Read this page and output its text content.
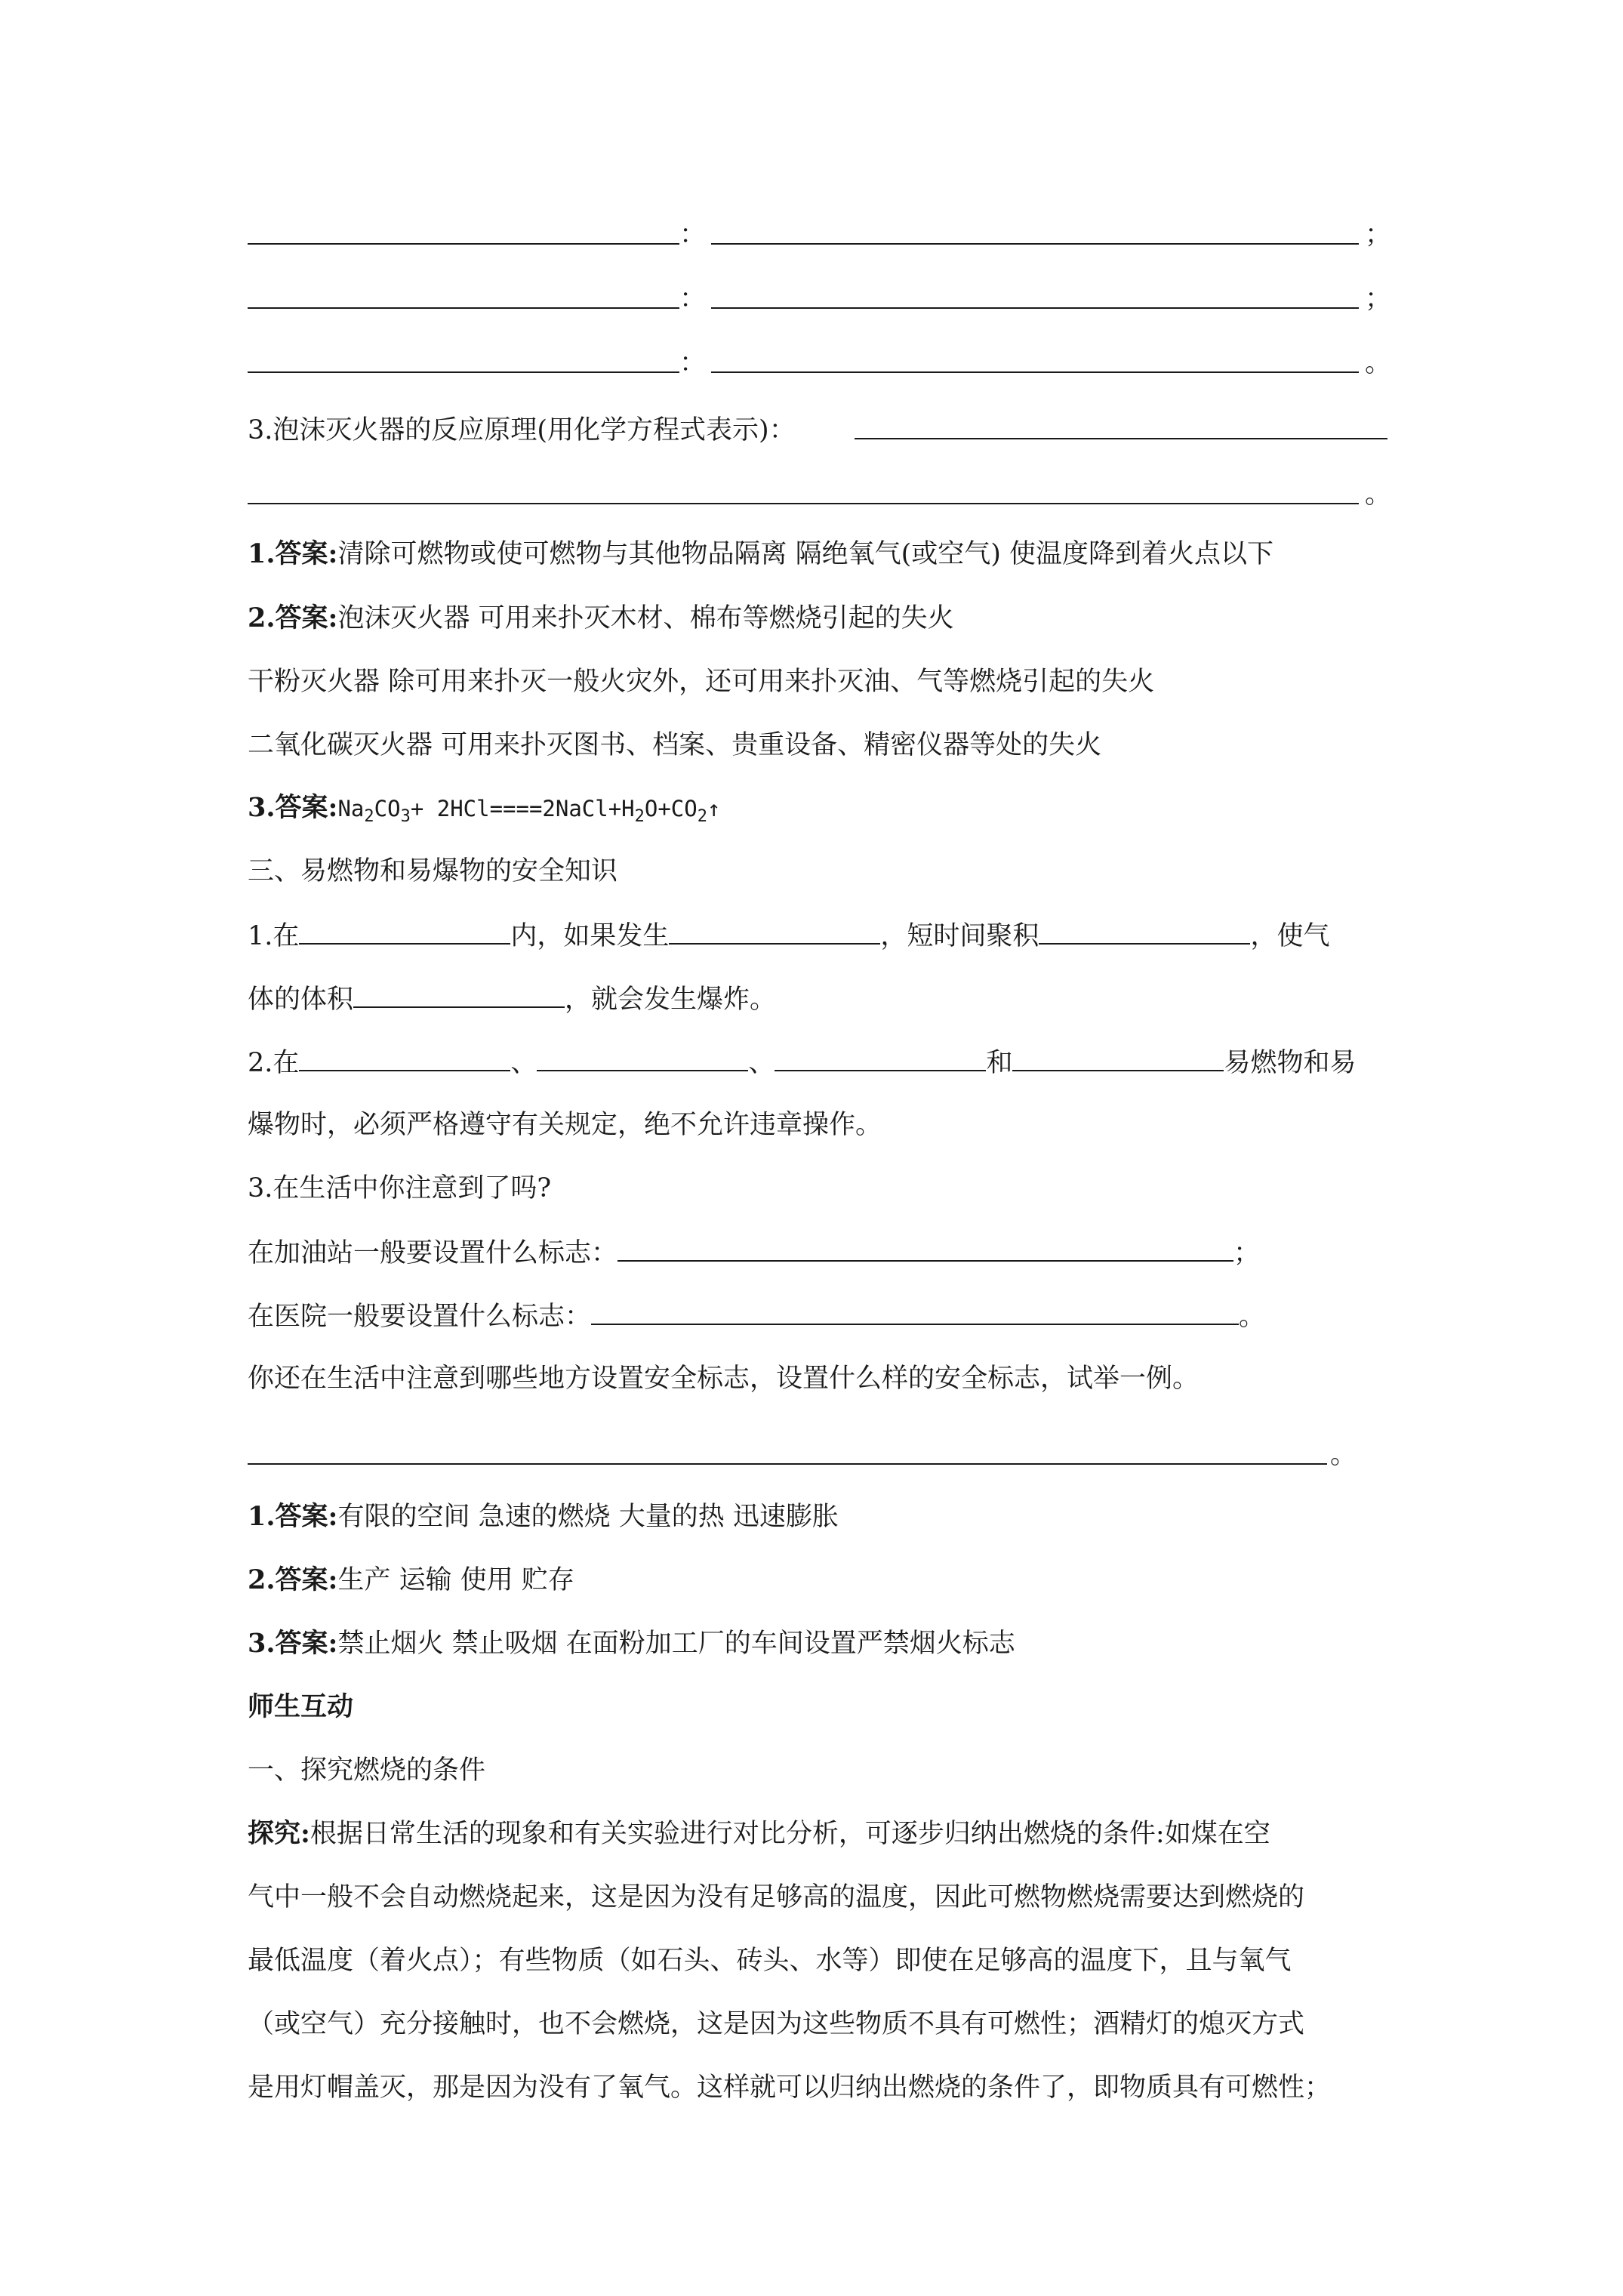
：	；
：	；
：	。
3.泡沫灭火器的反应原理(用化学方程式表示)：
。
1.答案:清除可燃物或使可燃物与其他物品隔离 隔绝氧气(或空气) 使温度降到着火点以下
2.答案:泡沫灭火器 可用来扑灭木材、棉布等燃烧引起的失火
干粉灭火器 除可用来扑灭一般火灾外，还可用来扑灭油、气等燃烧引起的失火
二氧化碳灭火器 可用来扑灭图书、档案、贵重设备、精密仪器等处的失火
3.答案$:Na_2CO_3+$ $2HCl====2NaCl+H_2O+CO_2↑$
三、易燃物和易爆物的安全知识
1.在	内，如果发生	，短时间聚积	，使气
体的体积	，就会发生爆炸。
2.在	、	、	和	易燃物和易
爆物时，必须严格遵守有关规定，绝不允许违章操作。
3.在生活中你注意到了吗?
在加油站一般要设置什么标志：	；
在医院一般要设置什么标志：	。
你还在生活中注意到哪些地方设置安全标志，设置什么样的安全标志，试举一例。
。
1.答案:有限的空间 急速的燃烧 大量的热 迅速膨胀
2.答案:生产 运输 使用 贮存
3.答案:禁止烟火 禁止吸烟 在面粉加工厂的车间设置严禁烟火标志
师生互动
一、探究燃烧的条件
探究:根据日常生活的现象和有关实验进行对比分析，可逐步归纳出燃烧的条件:如煤在空
气中一般不会自动燃烧起来，这是因为没有足够高的温度，因此可燃物燃烧需要达到燃烧的
最低温度（着火点）；有些物质（如石头、砖头、水等）即使在足够高的温度下，且与氧气
（或空气）充分接触时，也不会燃烧，这是因为这些物质不具有可燃性；酒精灯的熄灭方式
是用灯帽盖灭，那是因为没有了氧气。这样就可以归纳出燃烧的条件了，即物质具有可燃性；
